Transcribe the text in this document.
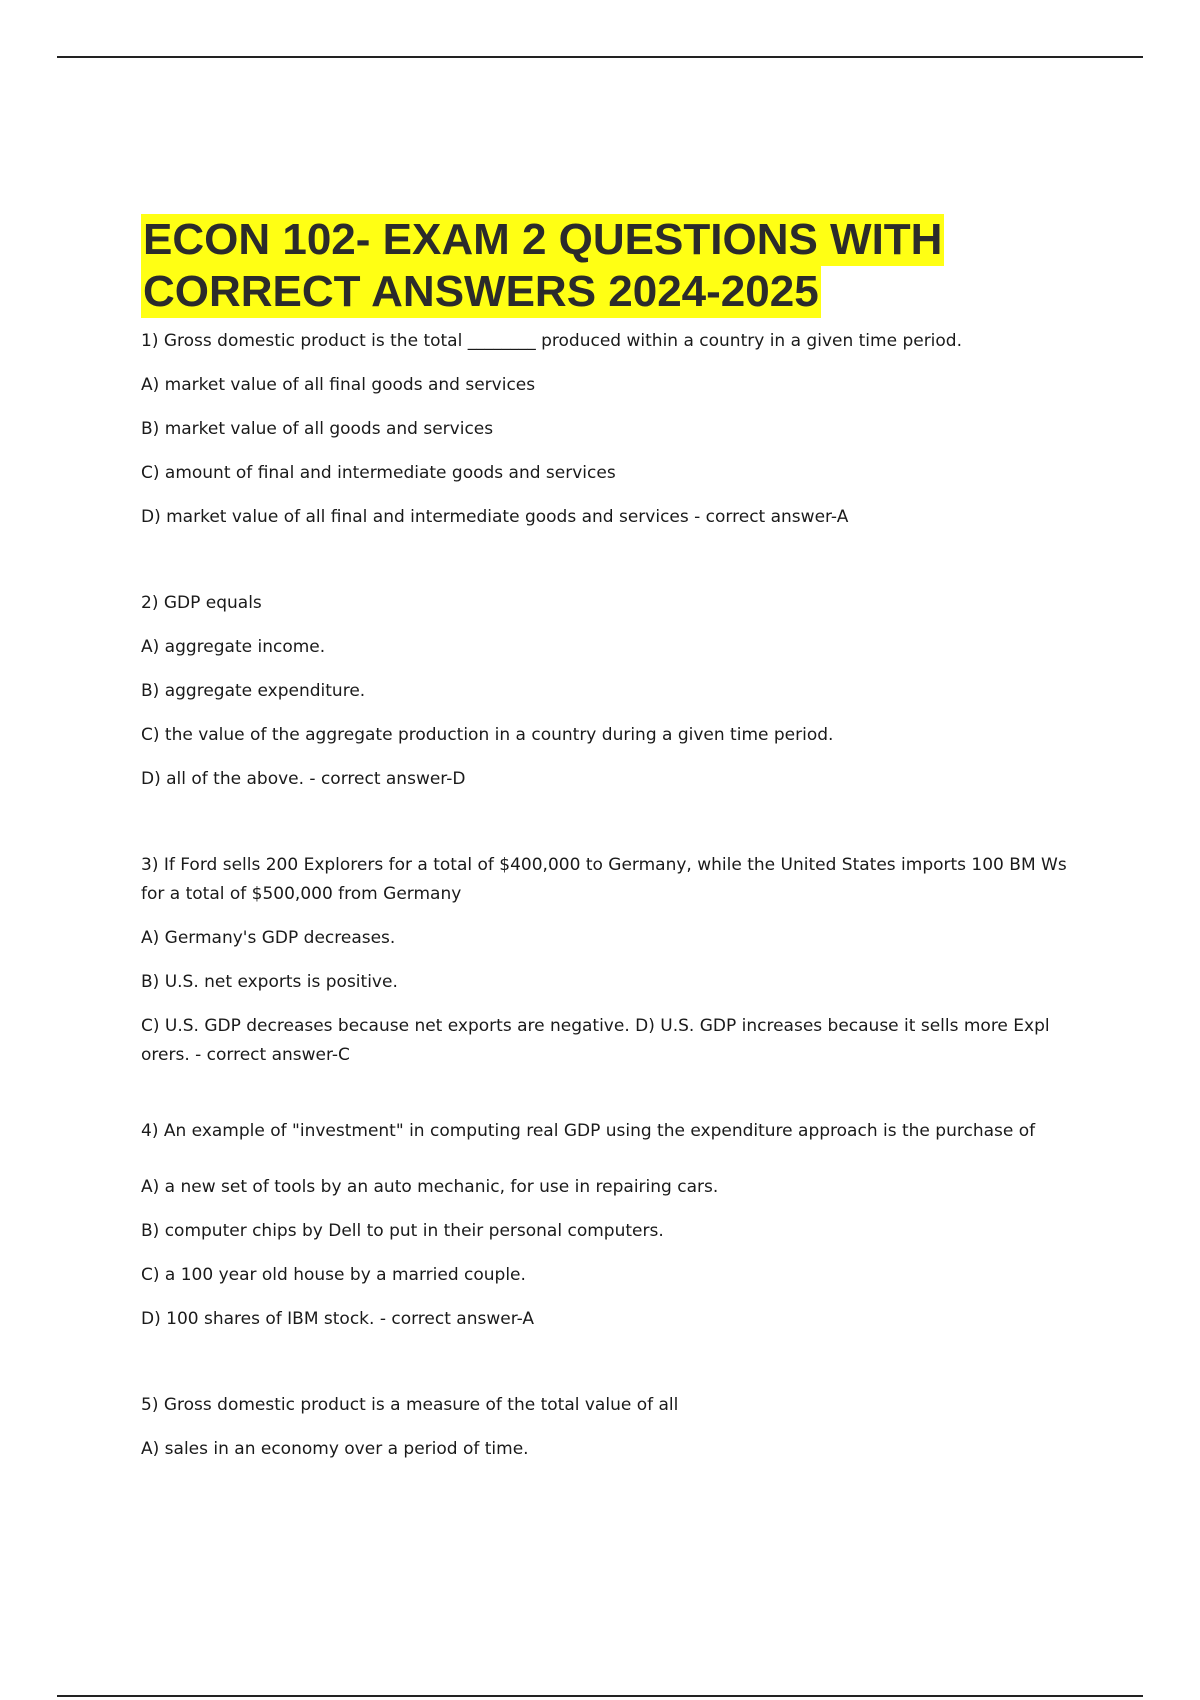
ECON 102- EXAM 2 QUESTIONS WITH
CORRECT ANSWERS 2024-2025

1) Gross domestic product is the total ________ produced within a country in a given time period.

A) market value of all final goods and services

B) market value of all goods and services

C) amount of final and intermediate goods and services

D) market value of all final and intermediate goods and services - correct answer-A

2) GDP equals

A) aggregate income.

B) aggregate expenditure.

C) the value of the aggregate production in a country during a given time period.

D) all of the above. - correct answer-D

3) If Ford sells 200 Explorers for a total of $400,000 to Germany, while the United States imports 100 BM Ws for a total of $500,000 from Germany

A) Germany's GDP decreases.

B) U.S. net exports is positive.

C) U.S. GDP decreases because net exports are negative. D) U.S. GDP increases because it sells more Expl orers. - correct answer-C

4) An example of "investment" in computing real GDP using the expenditure approach is the purchase of

A) a new set of tools by an auto mechanic, for use in repairing cars.

B) computer chips by Dell to put in their personal computers.

C) a 100 year old house by a married couple.

D) 100 shares of IBM stock. - correct answer-A

5) Gross domestic product is a measure of the total value of all

A) sales in an economy over a period of time.
